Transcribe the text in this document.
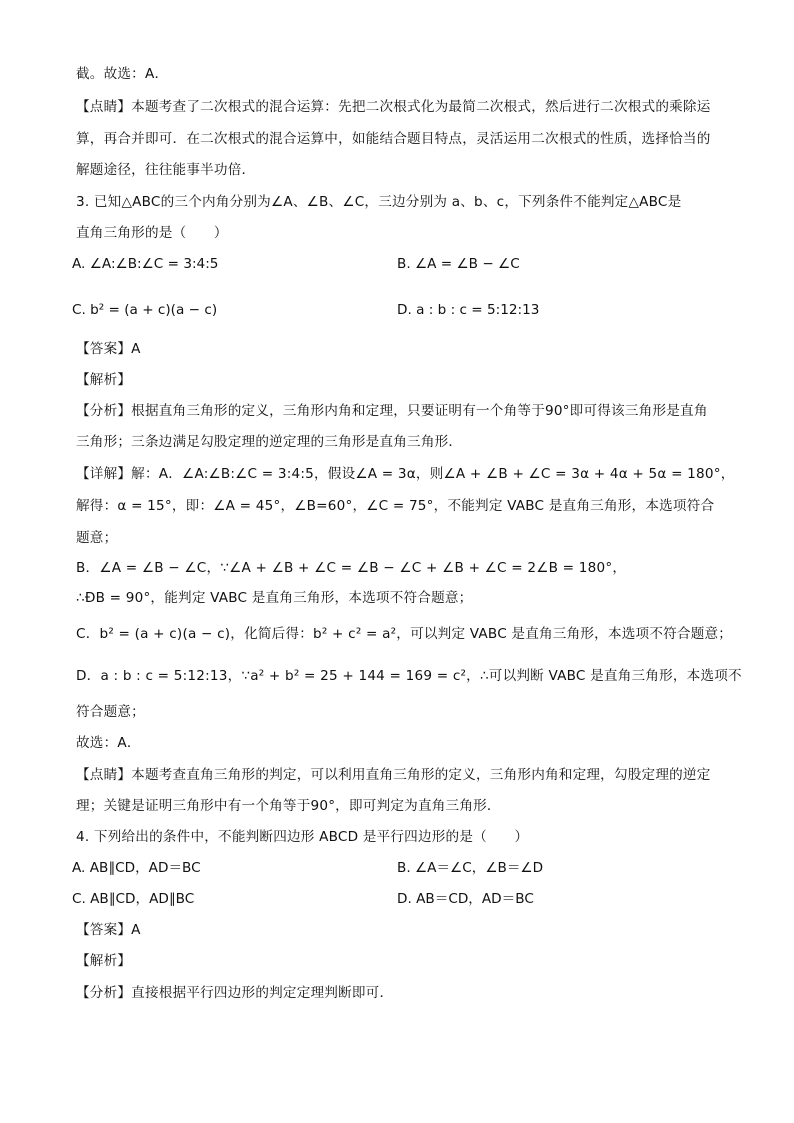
截。故选：A．
【点睛】本题考查了二次根式的混合运算：先把二次根式化为最简二次根式，然后进行二次根式的乘除运
算，再合并即可．在二次根式的混合运算中，如能结合题目特点，灵活运用二次根式的性质，选择恰当的
解题途径，往往能事半功倍．
3. 已知△ABC的三个内角分别为∠A、∠B、∠C，三边分别为 a、b、c，下列条件不能判定△ABC是
直角三角形的是（　　）
【答案】A
【解析】
【分析】根据直角三角形的定义，三角形内角和定理，只要证明有一个角等于90°即可得该三角形是直角
三角形；三条边满足勾股定理的逆定理的三角形是直角三角形．
【详解】解：A．∠A:∠B:∠C = 3:4:5，假设∠A = 3α，则∠A + ∠B + ∠C = 3α + 4α + 5α = 180°，
解得：α = 15°，即：∠A = 45°，∠B=60°，∠C = 75°，不能判定 VABC 是直角三角形，本选项符合
题意；
B．∠A = ∠B − ∠C，∵∠A + ∠B + ∠C = ∠B − ∠C + ∠B + ∠C = 2∠B = 180°，
∴ÐB = 90°，能判定 VABC 是直角三角形，本选项不符合题意；
C．b² = (a + c)(a − c)，化简后得：b² + c² = a²，可以判定 VABC 是直角三角形，本选项不符合题意；
D．a : b : c = 5:12:13，∵a² + b² = 25 + 144 = 169 = c²，∴可以判断 VABC 是直角三角形，本选项不
符合题意；
故选：A．
【点睛】本题考查直角三角形的判定，可以利用直角三角形的定义，三角形内角和定理，勾股定理的逆定
理；关键是证明三角形中有一个角等于90°，即可判定为直角三角形．
4. 下列给出的条件中，不能判断四边形 ABCD 是平行四边形的是（　　）
【答案】A
【解析】
【分析】直接根据平行四边形的判定定理判断即可．
A. ∠A:∠B:∠C = 3:4:5	B. ∠A = ∠B − ∠C
C. b² = (a + c)(a − c)	D. a : b : c = 5:12:13
A. AB∥CD，AD＝BC	B. ∠A＝∠C，∠B＝∠D
C. AB∥CD，AD∥BC	D. AB＝CD，AD＝BC
